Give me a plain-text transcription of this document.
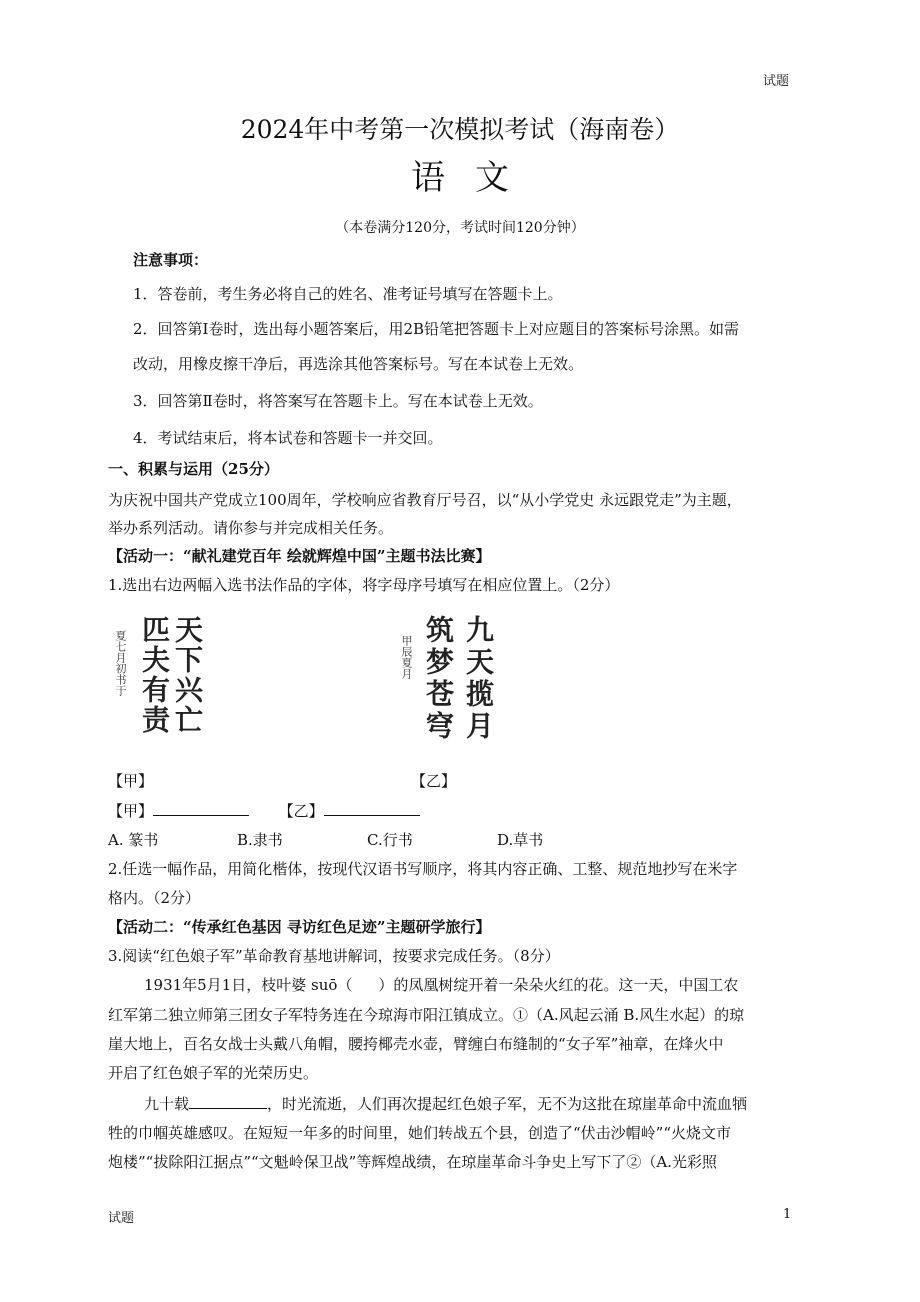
试题
2024年中考第一次模拟考试（海南卷）
语文
（本卷满分120分，考试时间120分钟）
注意事项：
1．答卷前，考生务必将自己的姓名、准考证号填写在答题卡上。
2．回答第Ⅰ卷时，选出每小题答案后，用2B铅笔把答题卡上对应题目的答案标号涂黑。如需
改动，用橡皮擦干净后，再选涂其他答案标号。写在本试卷上无效。
3．回答第Ⅱ卷时，将答案写在答题卡上。写在本试卷上无效。
4．考试结束后，将本试卷和答题卡一并交回。
一、积累与运用（25分）
为庆祝中国共产党成立100周年，学校响应省教育厅号召，以“从小学党史 永远跟党走”为主题，
举办系列活动。请你参与并完成相关任务。
【活动一：“献礼建党百年 绘就辉煌中国”主题书法比赛】
1.选出右边两幅入选书法作品的字体，将字母序号填写在相应位置上。（2分）
夏七月初书于 天下兴亡
匹夫有责	甲辰夏月 九天揽月
筑梦苍穹
【甲】	【乙】
【甲】	【乙】
A. 篆书	B.隶书	C.行书	D.草书
2.任选一幅作品，用简化楷体，按现代汉语书写顺序，将其内容正确、工整、规范地抄写在米字
格内。（2分）
【活动二：“传承红色基因 寻访红色足迹”主题研学旅行】
3.阅读“红色娘子军”革命教育基地讲解词，按要求完成任务。（8分）
1931年5月1日，枝叶婆 suō（ ）的凤凰树绽开着一朵朵火红的花。这一天，中国工农
红军第二独立师第三团女子军特务连在今琼海市阳江镇成立。①（A.风起云涌 B.风生水起）的琼
崖大地上，百名女战士头戴八角帽，腰挎椰壳水壶，臂缠白布缝制的“女子军”袖章，在烽火中
开启了红色娘子军的光荣历史。
九十载	，时光流逝，人们再次提起红色娘子军，无不为这批在琼崖革命中流血牺
牲的巾帼英雄感叹。在短短一年多的时间里，她们转战五个县，创造了“伏击沙帽岭”“火烧文市
炮楼”“拔除阳江据点”“文魁岭保卫战”等辉煌战绩，在琼崖革命斗争史上写下了②（A.光彩照
试题	1
